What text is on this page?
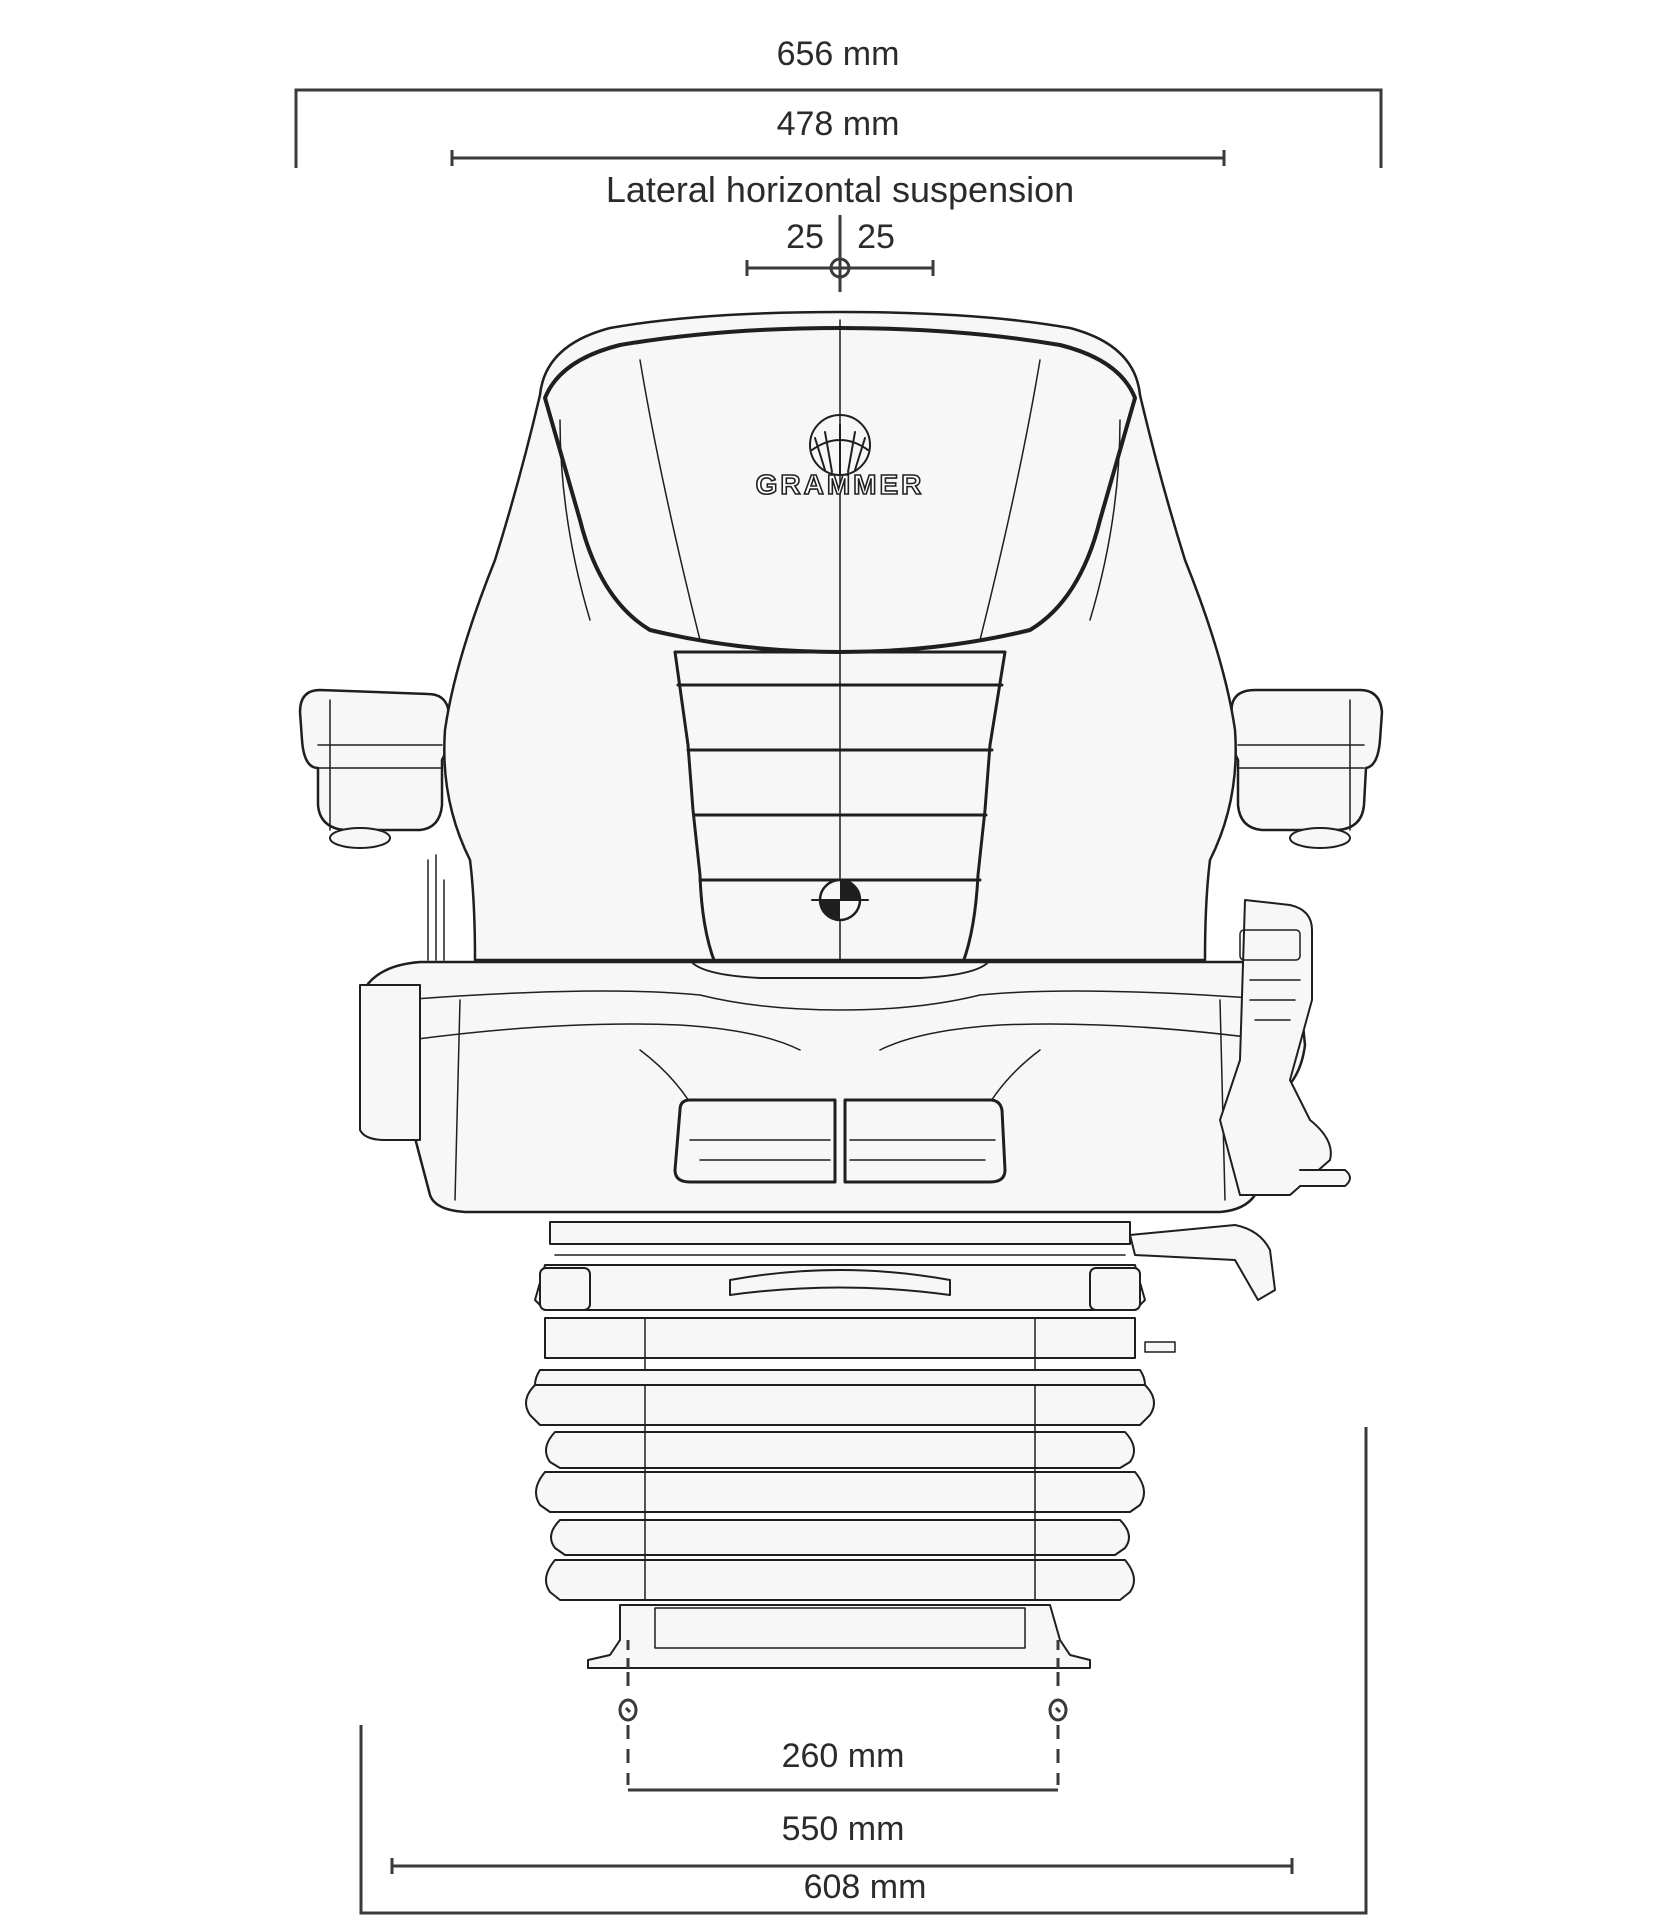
656 mm
478 mm
Lateral horizontal suspension
25 25
GRAMMER
260 mm
550 mm
608 mm
